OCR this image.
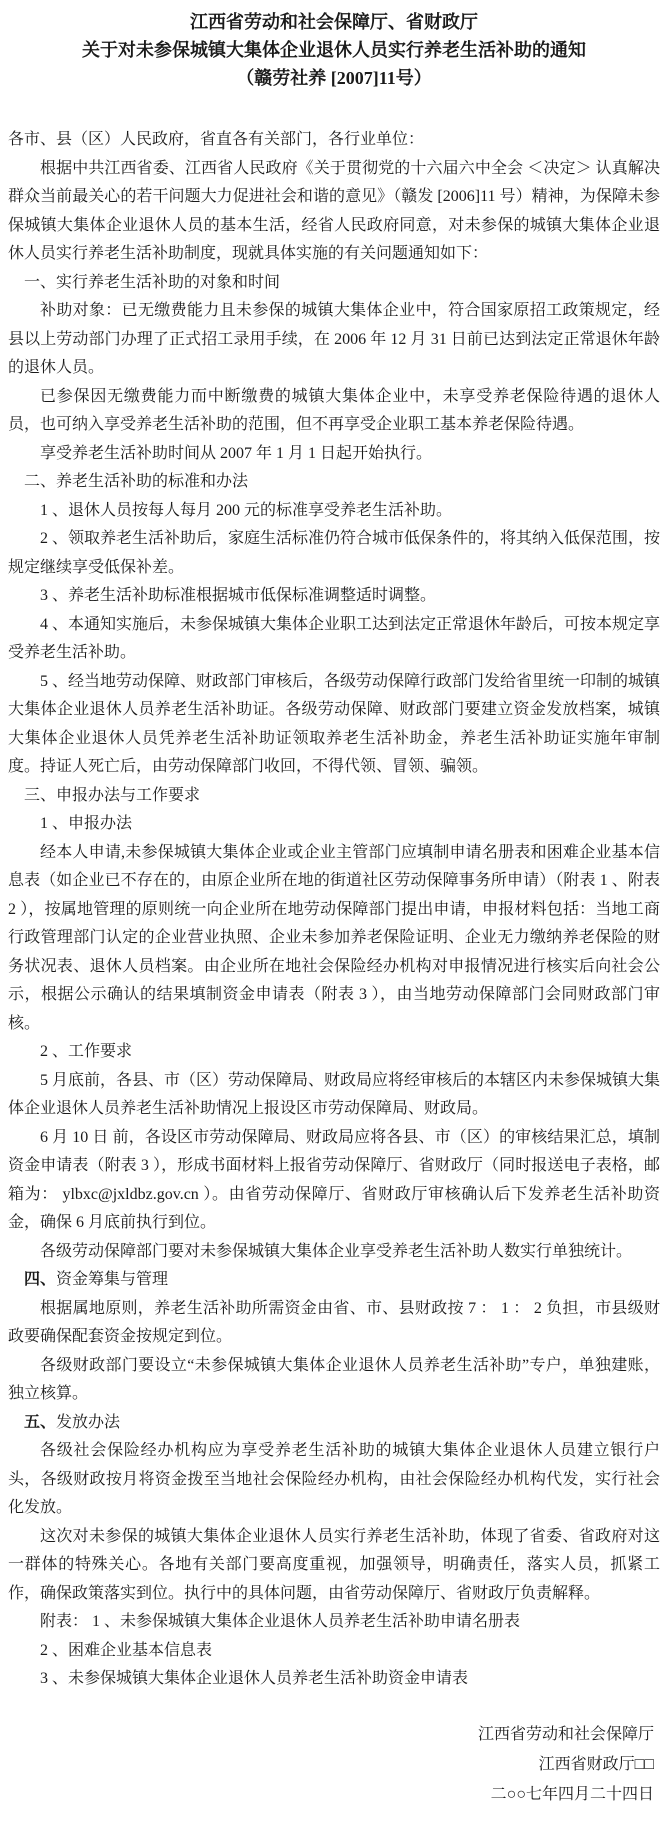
江西省劳动和社会保障厅、省财政厅
关于对未参保城镇大集体企业退休人员实行养老生活补助的通知
（赣劳社养 [2007]11号）
各市、县（区）人民政府，省直各有关部门，各行业单位：
根据中共江西省委、江西省人民政府《关于贯彻党的十六届六中全会 ＜决定＞ 认真解决群众当前最关心的若干问题大力促进社会和谐的意见》（赣发 [2006]11 号）精神，为保障未参保城镇大集体企业退休人员的基本生活，经省人民政府同意，对未参保的城镇大集体企业退休人员实行养老生活补助制度，现就具体实施的有关问题通知如下：
一、实行养老生活补助的对象和时间
补助对象：已无缴费能力且未参保的城镇大集体企业中，符合国家原招工政策规定，经县以上劳动部门办理了正式招工录用手续，在 2006 年 12 月 31 日前已达到法定正常退休年龄的退休人员。
已参保因无缴费能力而中断缴费的城镇大集体企业中，未享受养老保险待遇的退休人员，也可纳入享受养老生活补助的范围，但不再享受企业职工基本养老保险待遇。
享受养老生活补助时间从 2007 年 1 月 1 日起开始执行。
二、养老生活补助的标准和办法
1 、退休人员按每人每月 200 元的标准享受养老生活补助。
2 、领取养老生活补助后，家庭生活标准仍符合城市低保条件的，将其纳入低保范围，按规定继续享受低保补差。
3 、养老生活补助标准根据城市低保标准调整适时调整。
4 、本通知实施后，未参保城镇大集体企业职工达到法定正常退休年龄后，可按本规定享受养老生活补助。
5 、经当地劳动保障、财政部门审核后，各级劳动保障行政部门发给省里统一印制的城镇大集体企业退休人员养老生活补助证。各级劳动保障、财政部门要建立资金发放档案，城镇大集体企业退休人员凭养老生活补助证领取养老生活补助金，养老生活补助证实施年审制度。持证人死亡后，由劳动保障部门收回，不得代领、冒领、骗领。
三、申报办法与工作要求
1 、申报办法
经本人申请,未参保城镇大集体企业或企业主管部门应填制申请名册表和困难企业基本信息表（如企业已不存在的，由原企业所在地的街道社区劳动保障事务所申请）（附表 1 、附表 2 ），按属地管理的原则统一向企业所在地劳动保障部门提出申请，申报材料包括：当地工商行政管理部门认定的企业营业执照、企业未参加养老保险证明、企业无力缴纳养老保险的财务状况表、退休人员档案。由企业所在地社会保险经办机构对申报情况进行核实后向社会公示，根据公示确认的结果填制资金申请表（附表 3 ），由当地劳动保障部门会同财政部门审核。
2 、工作要求
5 月底前，各县、市（区）劳动保障局、财政局应将经审核后的本辖区内未参保城镇大集体企业退休人员养老生活补助情况上报设区市劳动保障局、财政局。
6 月 10 日 前，各设区市劳动保障局、财政局应将各县、市（区）的审核结果汇总，填制资金申请表（附表 3 ），形成书面材料上报省劳动保障厅、省财政厅（同时报送电子表格，邮箱为： ylbxc@jxldbz.gov.cn ）。由省劳动保障厅、省财政厅审核确认后下发养老生活补助资金，确保 6 月底前执行到位。
各级劳动保障部门要对未参保城镇大集体企业享受养老生活补助人数实行单独统计。
四、资金筹集与管理
根据属地原则，养老生活补助所需资金由省、市、县财政按 7 ： 1 ： 2 负担，市县级财政要确保配套资金按规定到位。
各级财政部门要设立“未参保城镇大集体企业退休人员养老生活补助”专户，单独建账，独立核算。
五、发放办法
各级社会保险经办机构应为享受养老生活补助的城镇大集体企业退休人员建立银行户头，各级财政按月将资金拨至当地社会保险经办机构，由社会保险经办机构代发，实行社会化发放。
这次对未参保的城镇大集体企业退休人员实行养老生活补助，体现了省委、省政府对这一群体的特殊关心。各地有关部门要高度重视，加强领导，明确责任，落实人员，抓紧工作，确保政策落实到位。执行中的具体问题，由省劳动保障厅、省财政厅负责解释。
附表： 1 、未参保城镇大集体企业退休人员养老生活补助申请名册表
2 、困难企业基本信息表
3 、未参保城镇大集体企业退休人员养老生活补助资金申请表
江西省劳动和社会保障厅
江西省财政厅□□
二○○七年四月二十四日
